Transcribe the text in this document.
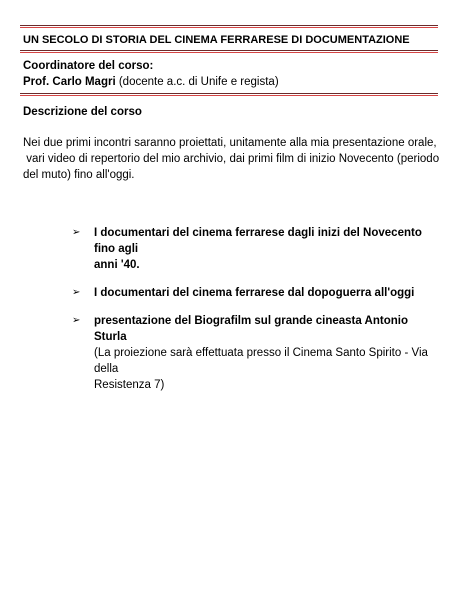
UN SECOLO DI STORIA DEL CINEMA FERRARESE DI DOCUMENTAZIONE
Coordinatore del corso:
Prof. Carlo Magri (docente a.c. di Unife e regista)
Descrizione del corso
Nei due primi incontri saranno proiettati, unitamente alla mia presentazione orale,
vari video di repertorio del mio archivio, dai primi film di inizio Novecento (periodo
del muto) fino all'oggi.
➢	I documentari del cinema ferrarese dagli inizi del Novecento fino agli
anni '40.
➢	I documentari del cinema ferrarese dal dopoguerra all'oggi
➢	presentazione del Biografilm sul grande cineasta Antonio Sturla
(La proiezione sarà effettuata presso il Cinema Santo Spirito - Via della
Resistenza 7)
